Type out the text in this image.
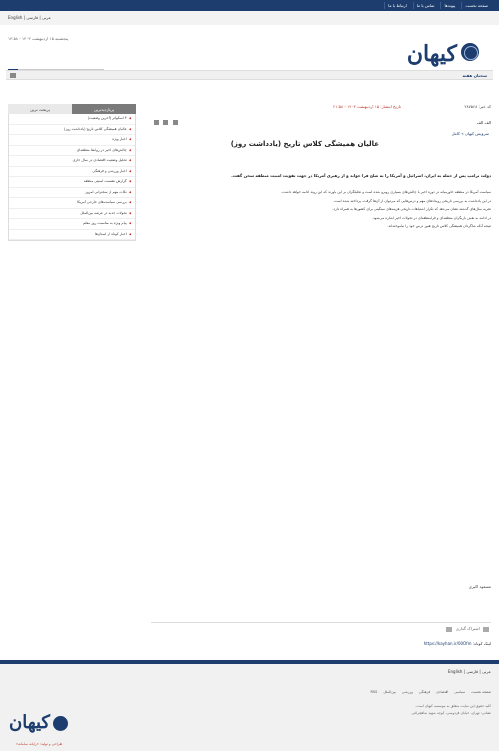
صفحه نخست
پیوندها
تماس با ما
ارتباط با ما
English | عربی | فارسی
پنجشنبه ۱۵ اردیبهشت ۱۴۰۳ - ۱۴:۵۸
کیهان
سخنان هفته
کد خبر: ۲۸۷۵۶۸
تاریخ انتشار: ۱۵ اردیبهشت ۱۴۰۳ - ۲۱:۵۸
الف الف

سرویس کیهان » کامل
عالیان همیشگی کلاس تاریخ (یادداشت روز)
دولت ترامپ پس از حمله به ایران، اسرائیل و آمریکا را به صلح فرا خواند و از رهبری آمریکا در جهت تقویت امنیت منطقه سخن گفت.

سیاست آمریکا در منطقه خاورمیانه در دوره اخیر با چالش‌های بسیاری روبرو شده است و تحلیلگران بر این باورند که این روند ادامه خواهد داشت.

در این یادداشت به بررسی تاریخی رویدادهای مهم و درس‌هایی که می‌توان از آن‌ها گرفت، پرداخته شده است.

تجربه سال‌های گذشته نشان می‌دهد که تکرار اشتباهات تاریخی هزینه‌های سنگینی برای کشورها به همراه دارد.

در ادامه به نقش بازیگران منطقه‌ای و فرامنطقه‌ای در تحولات اخیر اشاره می‌شود.

نتیجه آنکه شاگردان همیشگی کلاس تاریخ هنوز درس خود را نیاموخته‌اند.

مسعود اکبری
اشتراک گذاری
لینک کوتاه: https://kayhan.ir/00Ofm
پربازدیدترین
پربحث ترین
◀ ۳ اسکواتر (آخرین وضعیت)
◀ عالیان همیشگی کلاس تاریخ (یادداشت روز)
◀ اخبار ویژه
◀ چالش‌های اخیر در روابط منطقه‌ای
◀ تحلیل وضعیت اقتصادی در سال جاری
◀ اخبار ورزشی و فرهنگی
◀ گزارش نشست امنیتی منطقه
◀ نکات مهم از سخنرانی امروز
◀ بررسی سیاست‌های خارجی آمریکا
◀ تحولات جدید در عرصه بین‌الملل
◀ پیام ویژه به مناسبت روز معلم
◀ اخبار کوتاه از استان‌ها
English | عربی | فارسی
صفحه نخست
سیاسی
اقتصادی
فرهنگی
ورزشی
بین‌الملل
RSS
کلیه حقوق این سایت متعلق به موسسه کیهان است.
نشانی: تهران، خیابان فردوسی، کوچه شهید شاهچراغی
کیهان
طراحی و تولید: «رایانه سامانه»
